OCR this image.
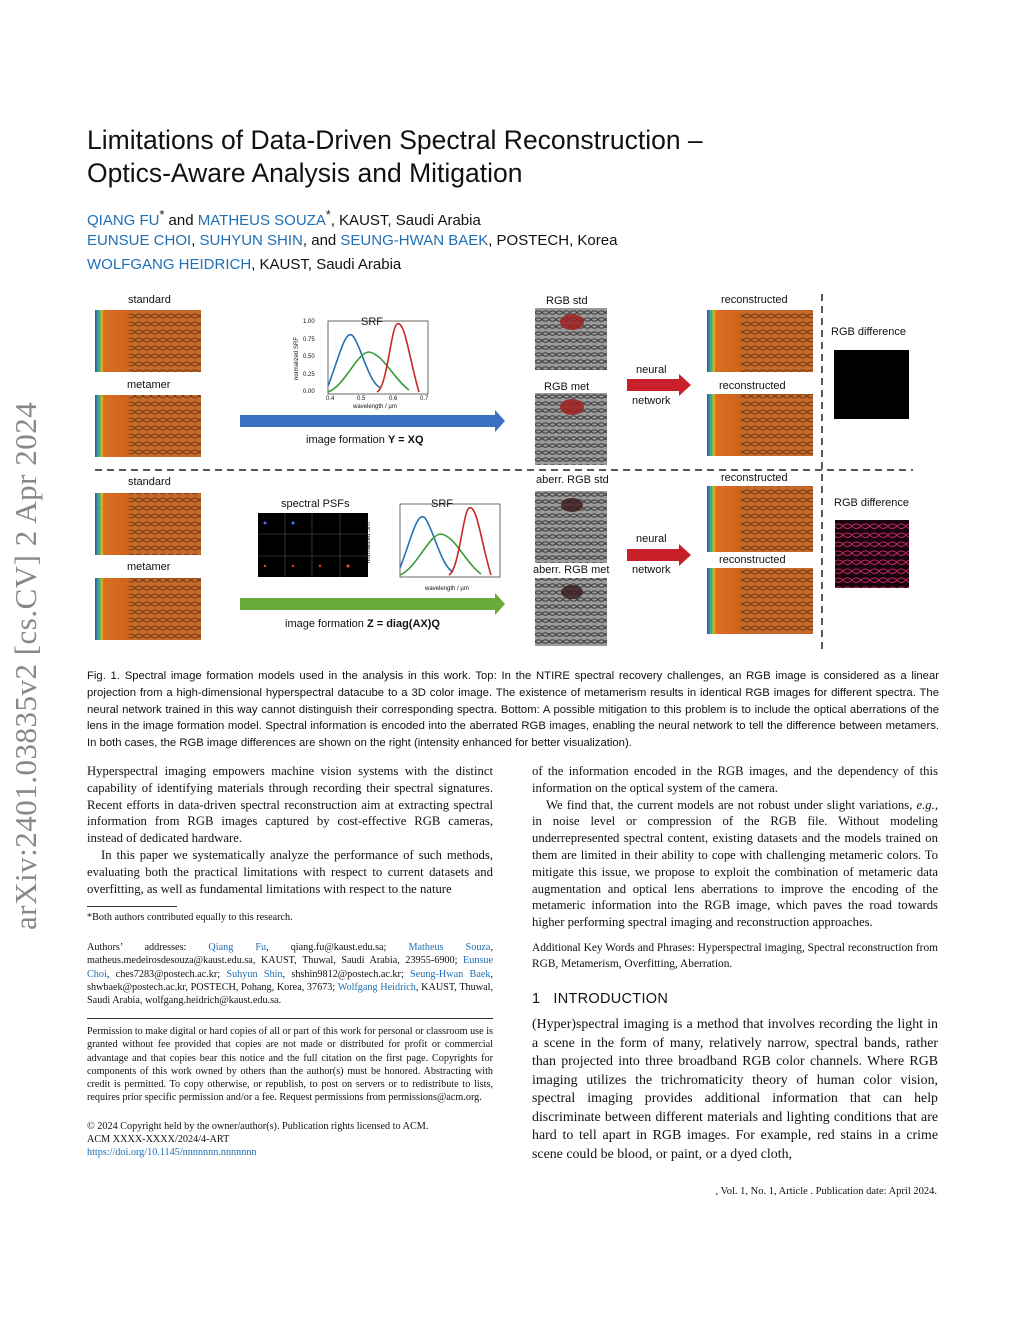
arXiv:2401.03835v2 [cs.CV] 2 Apr 2024
Limitations of Data-Driven Spectral Reconstruction –
Optics-Aware Analysis and Mitigation
QIANG FU* and MATHEUS SOUZA*, KAUST, Saudi Arabia
EUNSUE CHOI, SUHYUN SHIN, and SEUNG-HWAN BAEK, POSTECH, Korea
WOLFGANG HEIDRICH, KAUST, Saudi Arabia
standard
metamer
SRF
RGB std
RGB met
neural
network
reconstructed
reconstructed
RGB difference
image formation Y = XQ
standard
metamer
spectral PSFs	SRF
aberr. RGB std
aberr. RGB met
neural
network
reconstructed
reconstructed
RGB difference
image formation Z = diag(AX)Q
1.00
0.75
0.50
0.25
0.00
0.4	0.5	0.6	0.7
wavelength / µm
wavelength / µm
normalized SRF
normalized SRF
Fig. 1. Spectral image formation models used in the analysis in this work. Top: In the NTIRE spectral recovery challenges, an RGB image is considered as a linear projection from a high-dimensional hyperspectral datacube to a 3D color image. The existence of metamerism results in identical RGB images for different spectra. The neural network trained in this way cannot distinguish their corresponding spectra. Bottom: A possible mitigation to this problem is to include the optical aberrations of the lens in the image formation model. Spectral information is encoded into the aberrated RGB images, enabling the neural network to tell the difference between metamers. In both cases, the RGB image differences are shown on the right (intensity enhanced for better visualization).

Hyperspectral imaging empowers machine vision systems with the distinct capability of identifying materials through recording their spectral signatures. Recent efforts in data-driven spectral reconstruction aim at extracting spectral information from RGB images captured by cost-effective RGB cameras, instead of dedicated hardware.

In this paper we systematically analyze the performance of such methods, evaluating both the practical limitations with respect to current datasets and overfitting, as well as fundamental limitations with respect to the nature

*Both authors contributed equally to this research.
Authors’ addresses: Qiang Fu, qiang.fu@kaust.edu.sa; Matheus Souza, matheus.medeirosdesouza@kaust.edu.sa, KAUST, Thuwal, Saudi Arabia, 23955-6900; Eunsue Choi, ches7283@postech.ac.kr; Suhyun Shin, shshin9812@postech.ac.kr; Seung-Hwan Baek, shwbaek@postech.ac.kr, POSTECH, Pohang, Korea, 37673; Wolfgang Heidrich, KAUST, Thuwal, Saudi Arabia, wolfgang.heidrich@kaust.edu.sa.
Permission to make digital or hard copies of all or part of this work for personal or classroom use is granted without fee provided that copies are not made or distributed for profit or commercial advantage and that copies bear this notice and the full citation on the first page. Copyrights for components of this work owned by others than the author(s) must be honored. Abstracting with credit is permitted. To copy otherwise, or republish, to post on servers or to redistribute to lists, requires prior specific permission and/or a fee. Request permissions from permissions@acm.org.
© 2024 Copyright held by the owner/author(s). Publication rights licensed to ACM.
ACM XXXX-XXXX/2024/4-ART
https://doi.org/10.1145/nnnnnnn.nnnnnnn

of the information encoded in the RGB images, and the dependency of this information on the optical system of the camera.

We find that, the current models are not robust under slight variations, e.g., in noise level or compression of the RGB file. Without modeling underrepresented spectral content, existing datasets and the models trained on them are limited in their ability to cope with challenging metameric colors. To mitigate this issue, we propose to exploit the combination of metameric data augmentation and optical lens aberrations to improve the encoding of the metameric information into the RGB image, which paves the road towards higher performing spectral imaging and reconstruction approaches.

Additional Key Words and Phrases: Hyperspectral imaging, Spectral reconstruction from RGB, Metamerism, Overfitting, Aberration.
1 INTRODUCTION
(Hyper)spectral imaging is a method that involves recording the light in a scene in the form of many, relatively narrow, spectral bands, rather than projected into three broadband RGB color channels. Where RGB imaging utilizes the trichromaticity theory of human color vision, spectral imaging provides additional information that can help discriminate between different materials and lighting conditions that are hard to tell apart in RGB images. For example, red stains in a crime scene could be blood, or paint, or a dyed cloth,
, Vol. 1, No. 1, Article . Publication date: April 2024.
